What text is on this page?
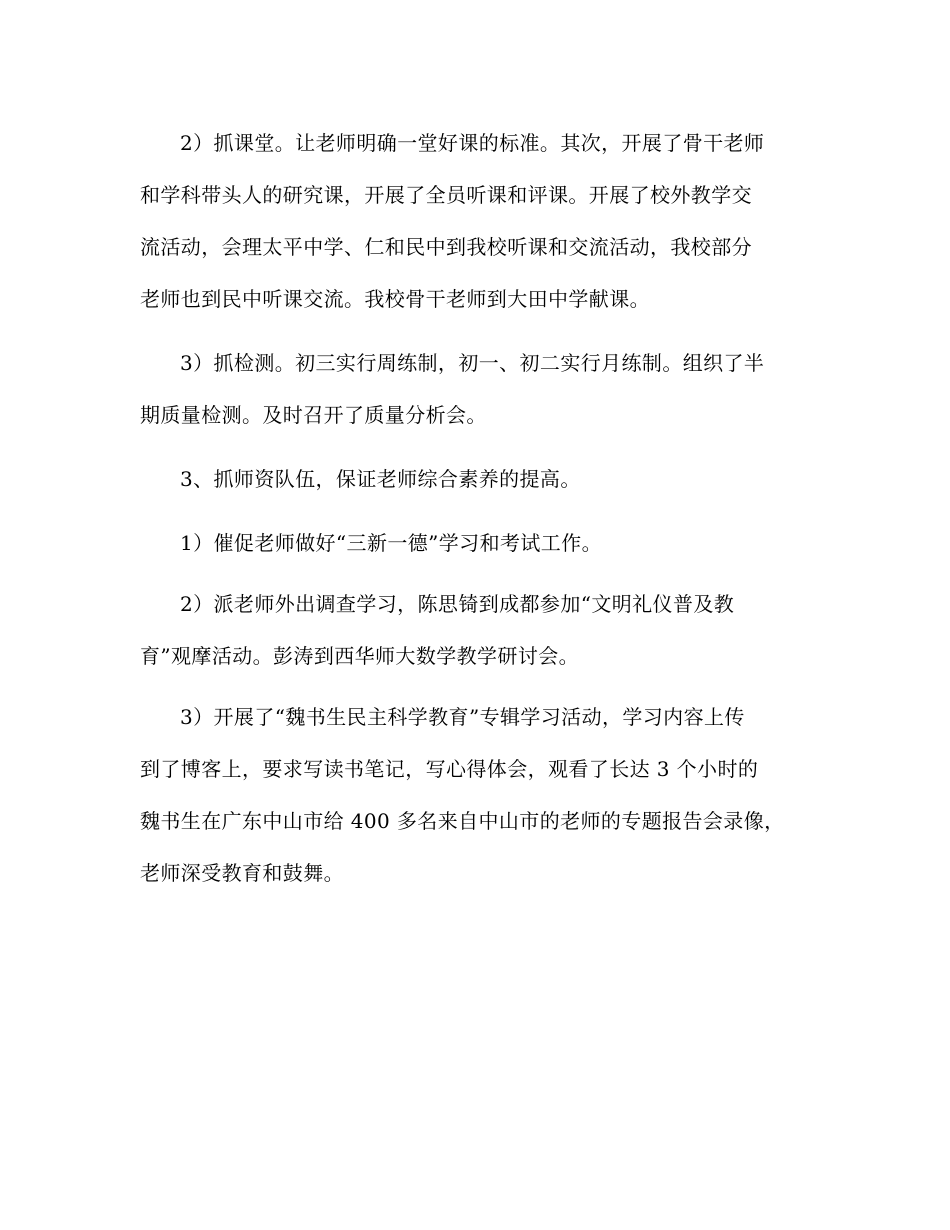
2）抓课堂。让老师明确一堂好课的标准。其次，开展了骨干老师
和学科带头人的研究课，开展了全员听课和评课。开展了校外教学交
流活动，会理太平中学、仁和民中到我校听课和交流活动，我校部分
老师也到民中听课交流。我校骨干老师到大田中学献课。
3）抓检测。初三实行周练制，初一、初二实行月练制。组织了半
期质量检测。及时召开了质量分析会。
3、抓师资队伍，保证老师综合素养的提高。
1）催促老师做好“三新一德”学习和考试工作。
2）派老师外出调查学习，陈思锜到成都参加“文明礼仪普及教
育”观摩活动。彭涛到西华师大数学教学研讨会。
3）开展了“魏书生民主科学教育”专辑学习活动，学习内容上传
到了博客上，要求写读书笔记，写心得体会，观看了长达 3 个小时的
魏书生在广东中山市给 400 多名来自中山市的老师的专题报告会录像，
老师深受教育和鼓舞。
